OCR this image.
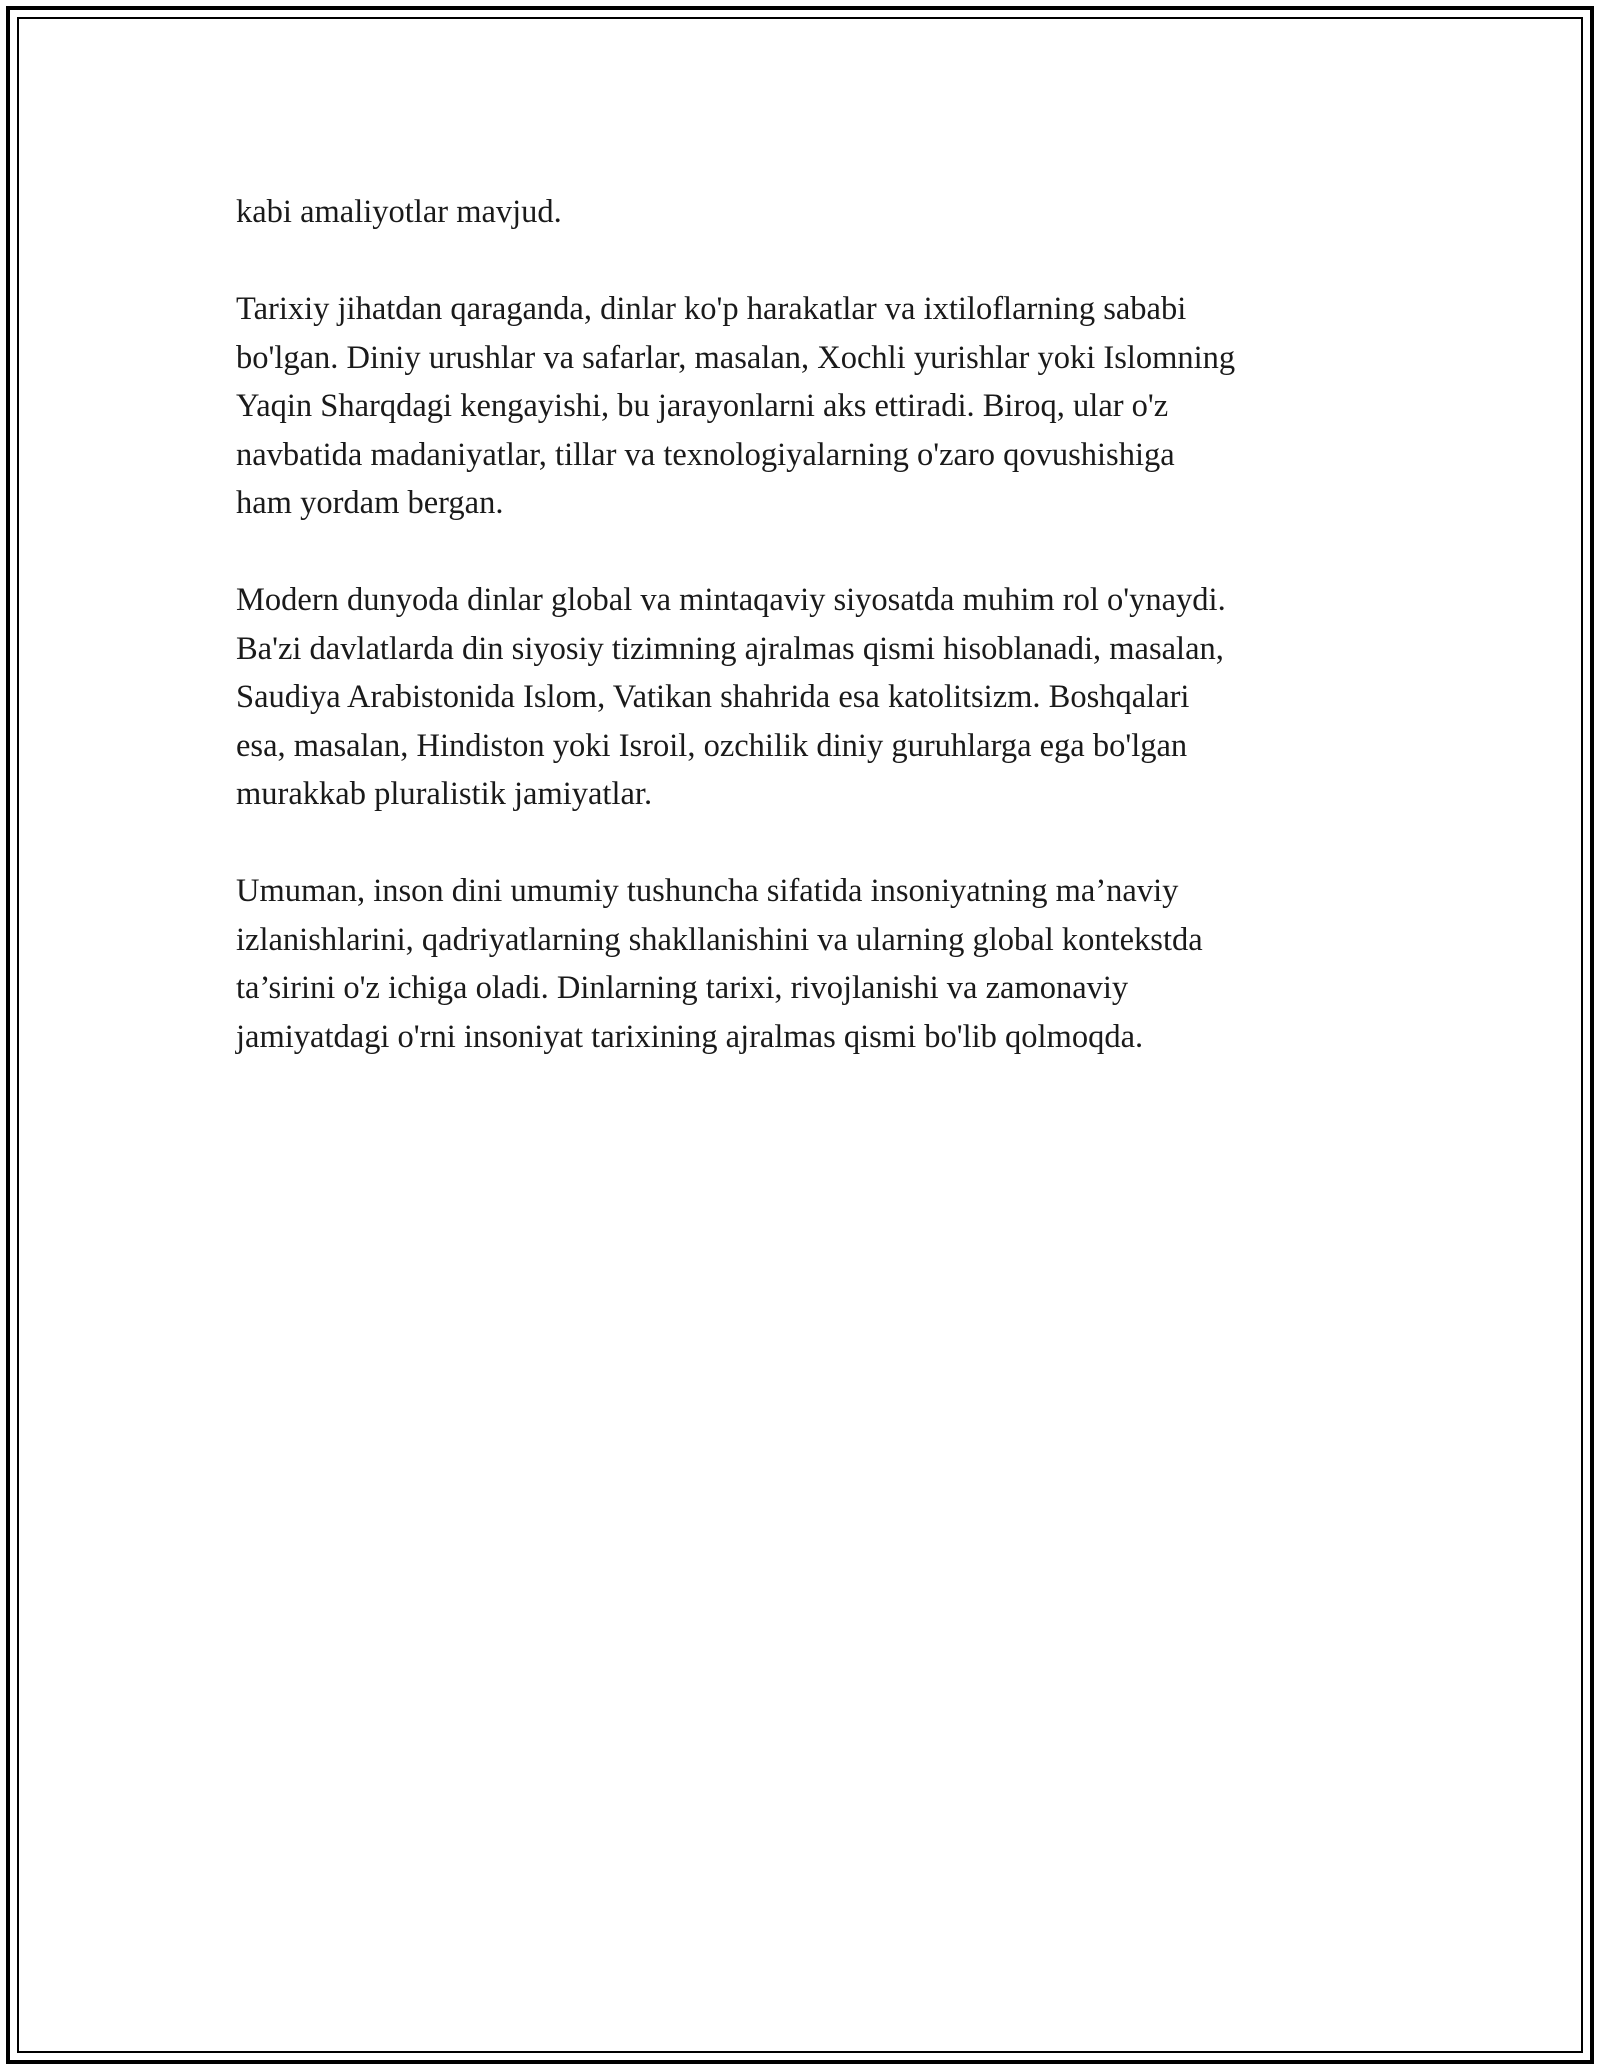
kabi amaliyotlar mavjud.
Tarixiy jihatdan qaraganda, dinlar ko'p harakatlar va ixtiloflarning sababi
bo'lgan. Diniy urushlar va safarlar, masalan, Xochli yurishlar yoki Islomning
Yaqin Sharqdagi kengayishi, bu jarayonlarni aks ettiradi. Biroq, ular o'z
navbatida madaniyatlar, tillar va texnologiyalarning o'zaro qovushishiga
ham yordam bergan.
Modern dunyoda dinlar global va mintaqaviy siyosatda muhim rol o'ynaydi.
Ba'zi davlatlarda din siyosiy tizimning ajralmas qismi hisoblanadi, masalan,
Saudiya Arabistonida Islom, Vatikan shahrida esa katolitsizm. Boshqalari
esa, masalan, Hindiston yoki Isroil, ozchilik diniy guruhlarga ega bo'lgan
murakkab pluralistik jamiyatlar.
Umuman, inson dini umumiy tushuncha sifatida insoniyatning ma’naviy
izlanishlarini, qadriyatlarning shakllanishini va ularning global kontekstda
ta’sirini o'z ichiga oladi. Dinlarning tarixi, rivojlanishi va zamonaviy
jamiyatdagi o'rni insoniyat tarixining ajralmas qismi bo'lib qolmoqda.
